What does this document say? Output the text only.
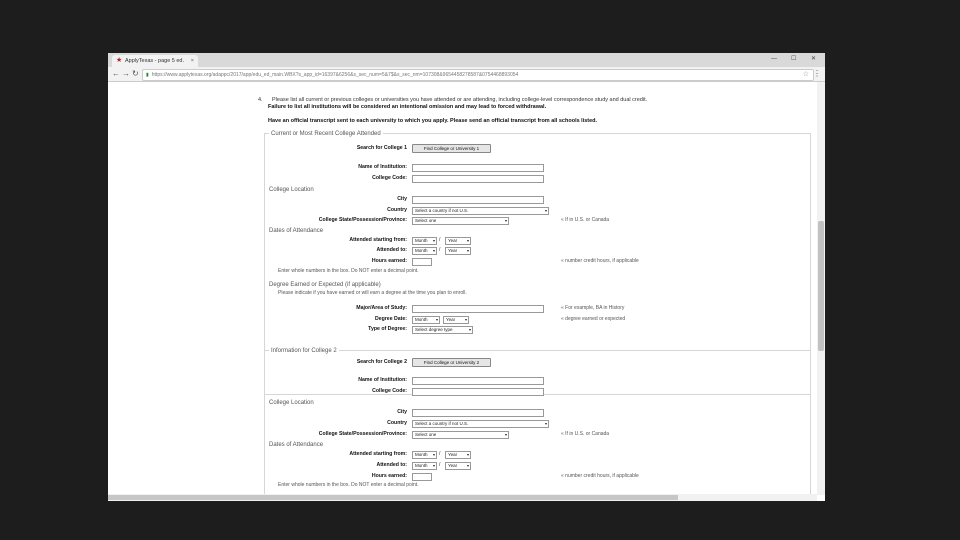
★ ApplyTexas - page 5 ed. ×	— ☐ ✕
← → ↻	▮ https://www.applytexas.org/adappc/2017/app/edu_ed_main.WBX?s_app_id=16397&6256&s_sec_num=5&7$&s_sec_nm=107308&9654458278587&0754468893054	☆ ⋮
4. Please list all current or previous colleges or universities you have attended or are attending, including college-level correspondence study and dual credit.
Failure to list all institutions will be considered an intentional omission and may lead to forced withdrawal.
Have an official transcript sent to each university to which you apply. Please send an official transcript from all schools listed.
Current or Most Recent College Attended
Search for College 1	Find College or University 1
Name of Institution:
College Code:
College Location
City
Country	Select a country if not U.S.	▾
College State/Possession/Province:	Select one	▾	« If in U.S. or Canada
Dates of Attendance
Attended starting from:	Month ▾ /	Year ▾
Attended to:	Month ▾ /	Year ▾
Hours earned:	« number credit hours, if applicable
Enter whole numbers in the box. Do NOT enter a decimal point.
Degree Earned or Expected (if applicable)
Please indicate if you have earned or will earn a degree at the time you plan to enroll.
Major/Area of Study:	« For example, BA in History
Degree Date:	Month ▾	Year ▾	« degree earned or expected
Type of Degree:	Select degree type	▾
Information for College 2
Search for College 2	Find College or University 2
Name of Institution:
College Code:
College Location
City
Country	Select a country if not U.S.	▾
College State/Possession/Province:	Select one	▾	« If in U.S. or Canada
Dates of Attendance
Attended starting from:	Month ▾ /	Year ▾
Attended to:	Month ▾ /	Year ▾
Hours earned:	« number credit hours, if applicable
Enter whole numbers in the box. Do NOT enter a decimal point.
